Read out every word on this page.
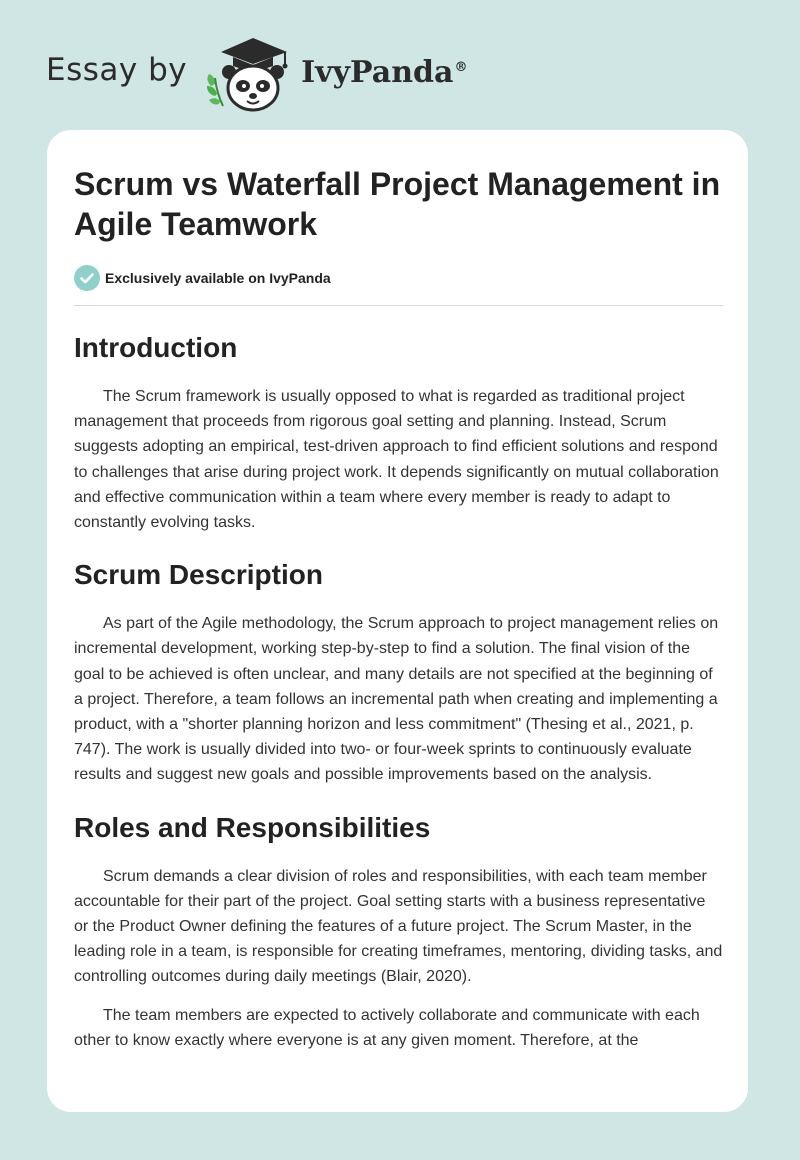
Essay by	IvyPanda®
Scrum vs Waterfall Project Management in Agile Teamwork
Exclusively available on IvyPanda
Introduction

The Scrum framework is usually opposed to what is regarded as traditional project management that proceeds from rigorous goal setting and planning. Instead, Scrum suggests adopting an empirical, test-driven approach to find efficient solutions and respond to challenges that arise during project work. It depends significantly on mutual collaboration and effective communication within a team where every member is ready to adapt to constantly evolving tasks.

Scrum Description

As part of the Agile methodology, the Scrum approach to project management relies on incremental development, working step-by-step to find a solution. The final vision of the goal to be achieved is often unclear, and many details are not specified at the beginning of a project. Therefore, a team follows an incremental path when creating and implementing a product, with a "shorter planning horizon and less commitment" (Thesing et al., 2021, p. 747). The work is usually divided into two- or four-week sprints to continuously evaluate results and suggest new goals and possible improvements based on the analysis.

Roles and Responsibilities

Scrum demands a clear division of roles and responsibilities, with each team member accountable for their part of the project. Goal setting starts with a business representative or the Product Owner defining the features of a future project. The Scrum Master, in the leading role in a team, is responsible for creating timeframes, mentoring, dividing tasks, and controlling outcomes during daily meetings (Blair, 2020).

The team members are expected to actively collaborate and communicate with each other to know exactly where everyone is at any given moment. Therefore, at the
